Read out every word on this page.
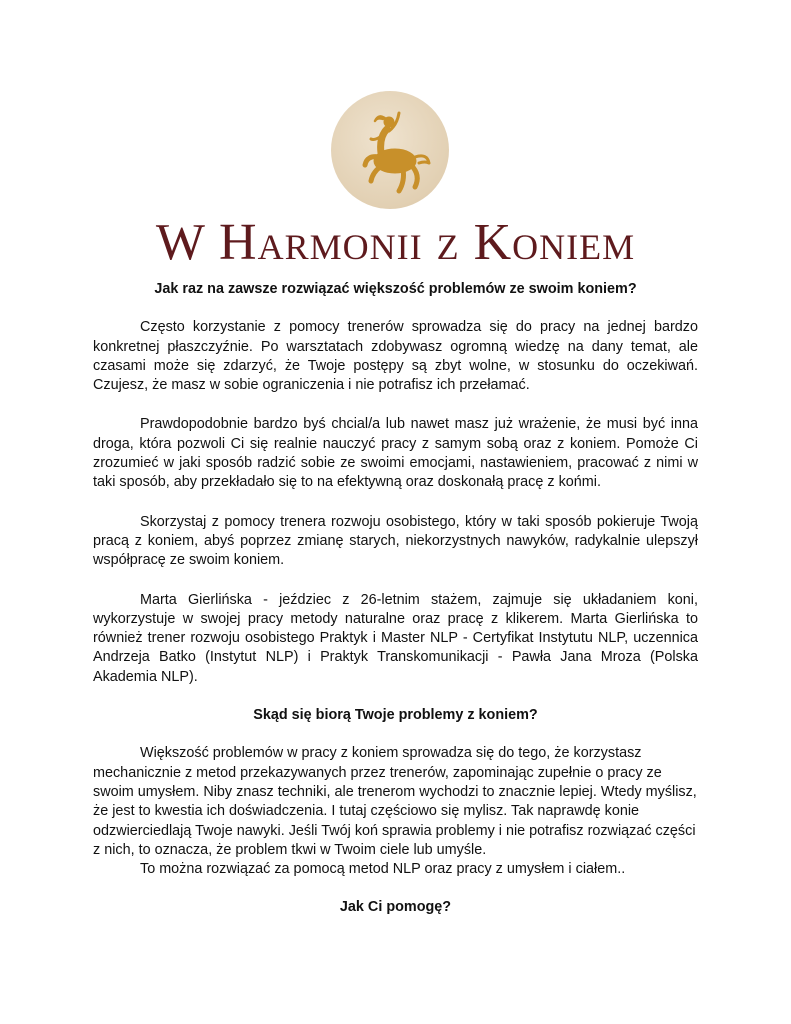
W Harmonii z Koniem

Jak raz na zawsze rozwiązać większość problemów ze swoim koniem?

Często korzystanie z pomocy trenerów sprowadza się do pracy na jednej bardzo konkretnej płaszczyźnie. Po warsztatach zdobywasz ogromną wiedzę na dany temat, ale czasami może się zdarzyć, że Twoje postępy są zbyt wolne, w stosunku do oczekiwań. Czujesz, że masz w sobie ograniczenia i nie potrafisz ich przełamać.

Prawdopodobnie bardzo byś chcial/a lub nawet masz już wrażenie, że musi być inna droga, która pozwoli Ci się realnie nauczyć pracy z samym sobą oraz z koniem. Pomoże Ci zrozumieć w jaki sposób radzić sobie ze swoimi emocjami, nastawieniem, pracować z nimi w taki sposób, aby przekładało się to na efektywną oraz doskonałą pracę z końmi.

Skorzystaj z pomocy trenera rozwoju osobistego, który w taki sposób pokieruje Twoją pracą z koniem, abyś poprzez zmianę starych, niekorzystnych nawyków, radykalnie ulepszył współpracę ze swoim koniem.

Marta Gierlińska - jeździec z 26-letnim stażem, zajmuje się układaniem koni, wykorzystuje w swojej pracy metody naturalne oraz pracę z klikerem. Marta Gierlińska to również trener rozwoju osobistego Praktyk i Master NLP - Certyfikat Instytutu NLP, uczennica Andrzeja Batko (Instytut NLP) i Praktyk Transkomunikacji - Pawła Jana Mroza (Polska Akademia NLP).

Skąd się biorą Twoje problemy z koniem?

Większość problemów w pracy z koniem sprowadza się do tego, że korzystasz mechanicznie z metod przekazywanych przez trenerów, zapominając zupełnie o pracy ze swoim umysłem. Niby znasz techniki, ale trenerom wychodzi to znacznie lepiej. Wtedy myślisz, że jest to kwestia ich doświadczenia. I tutaj częściowo się mylisz. Tak naprawdę konie odzwierciedlają Twoje nawyki. Jeśli Twój koń sprawia problemy i nie potrafisz rozwiązać części z nich, to oznacza, że problem tkwi w Twoim ciele lub umyśle.

To można rozwiązać za pomocą metod NLP oraz pracy z umysłem i ciałem..

Jak Ci pomogę?
